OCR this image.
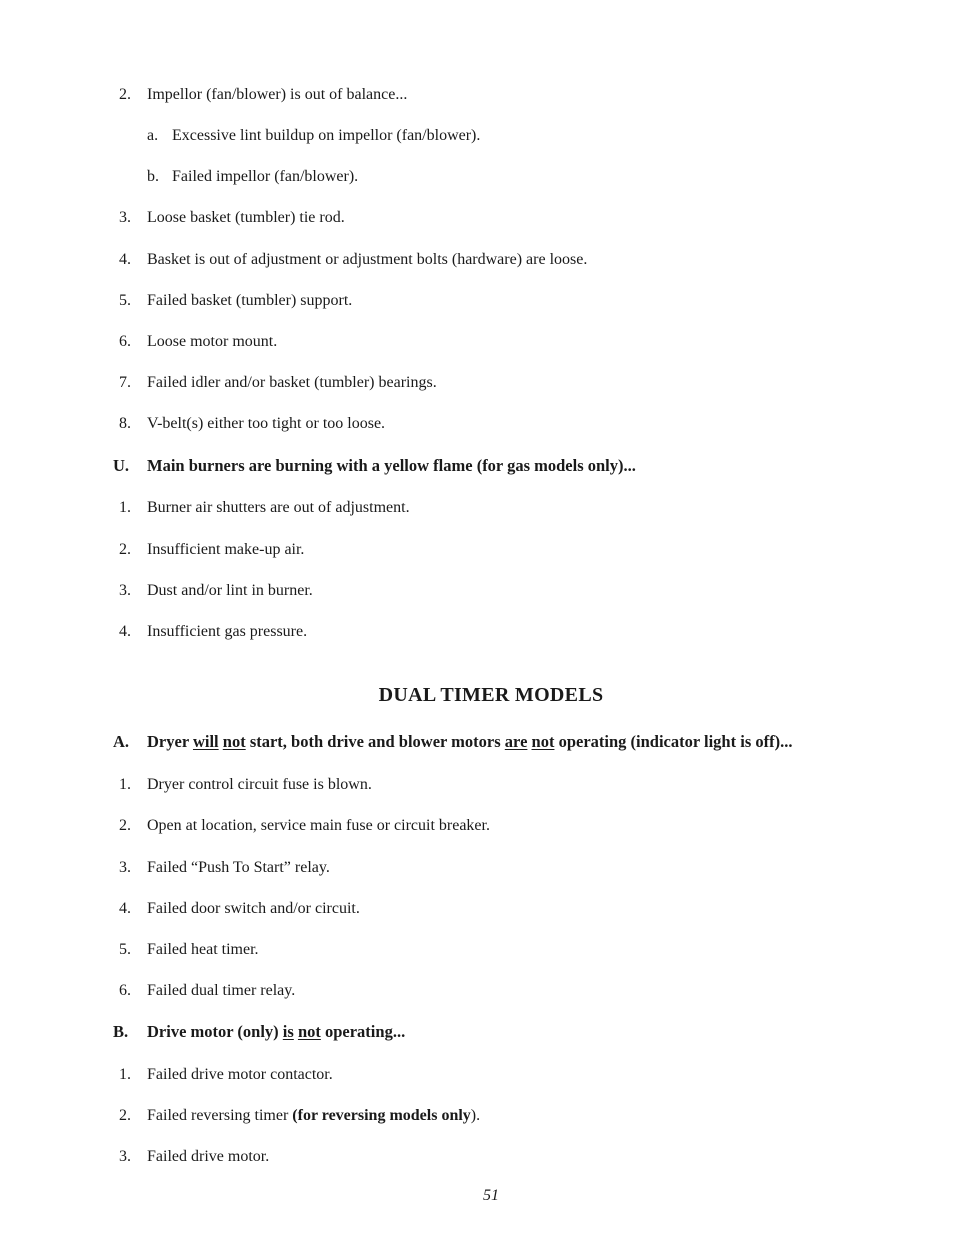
2. Impellor (fan/blower) is out of balance...
a. Excessive lint buildup on impellor (fan/blower).
b. Failed impellor (fan/blower).
3. Loose basket (tumbler) tie rod.
4. Basket is out of adjustment or adjustment bolts (hardware) are loose.
5. Failed basket (tumbler) support.
6. Loose motor mount.
7. Failed idler and/or basket (tumbler) bearings.
8. V-belt(s) either too tight or too loose.
U. Main burners are burning with a yellow flame (for gas models only)...
1. Burner air shutters are out of adjustment.
2. Insufficient make-up air.
3. Dust and/or lint in burner.
4. Insufficient gas pressure.
DUAL TIMER MODELS
A. Dryer will not start, both drive and blower motors are not operating (indicator light is off)...
1. Dryer control circuit fuse is blown.
2. Open at location, service main fuse or circuit breaker.
3. Failed “Push To Start” relay.
4. Failed door switch and/or circuit.
5. Failed heat timer.
6. Failed dual timer relay.
B. Drive motor (only) is not operating...
1. Failed drive motor contactor.
2. Failed reversing timer (for reversing models only).
3. Failed drive motor.
51
